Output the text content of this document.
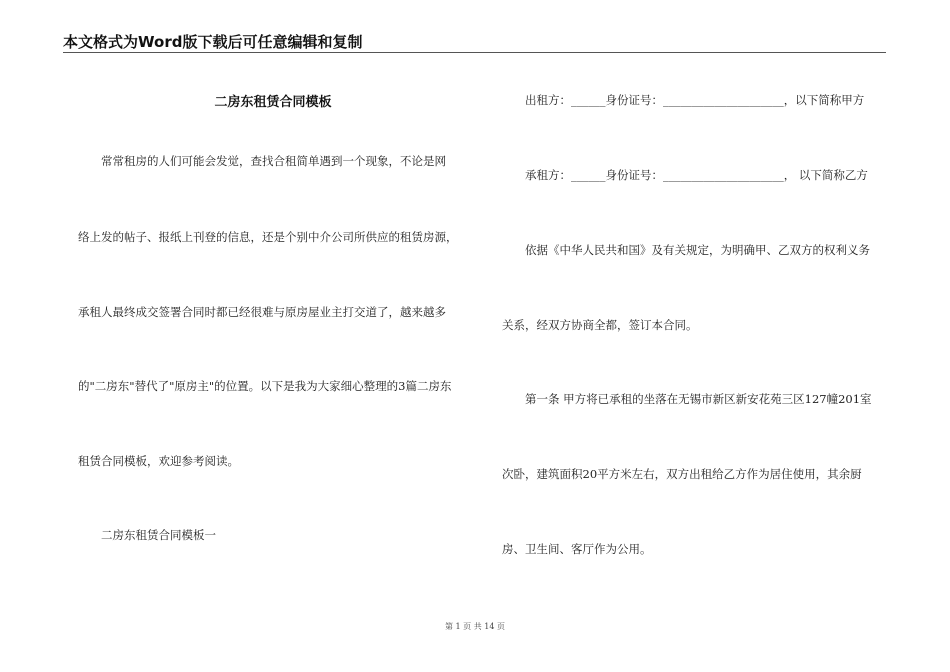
本文格式为Word版下载后可任意编辑和复制
二房东租赁合同模板
常常租房的人们可能会发觉，查找合租简单遇到一个现象，不论是网
络上发的帖子、报纸上刊登的信息，还是个别中介公司所供应的租赁房源，
承租人最终成交签署合同时都已经很难与原房屋业主打交道了，越来越多
的"二房东"替代了"原房主"的位置。以下是我为大家细心整理的3篇二房东
租赁合同模板，欢迎参考阅读。
二房东租赁合同模板一
出租方：______身份证号：_____________________，以下简称甲方
承租方：______身份证号：_____________________， 以下简称乙方
依据《中华人民共和国》及有关规定，为明确甲、乙双方的权利义务
关系，经双方协商全都，签订本合同。
第一条 甲方将已承租的坐落在无锡市新区新安花苑三区127幢201室
次卧，建筑面积20平方米左右，双方出租给乙方作为居住使用，其余厨
房、卫生间、客厅作为公用。
第 1 页 共 14 页
